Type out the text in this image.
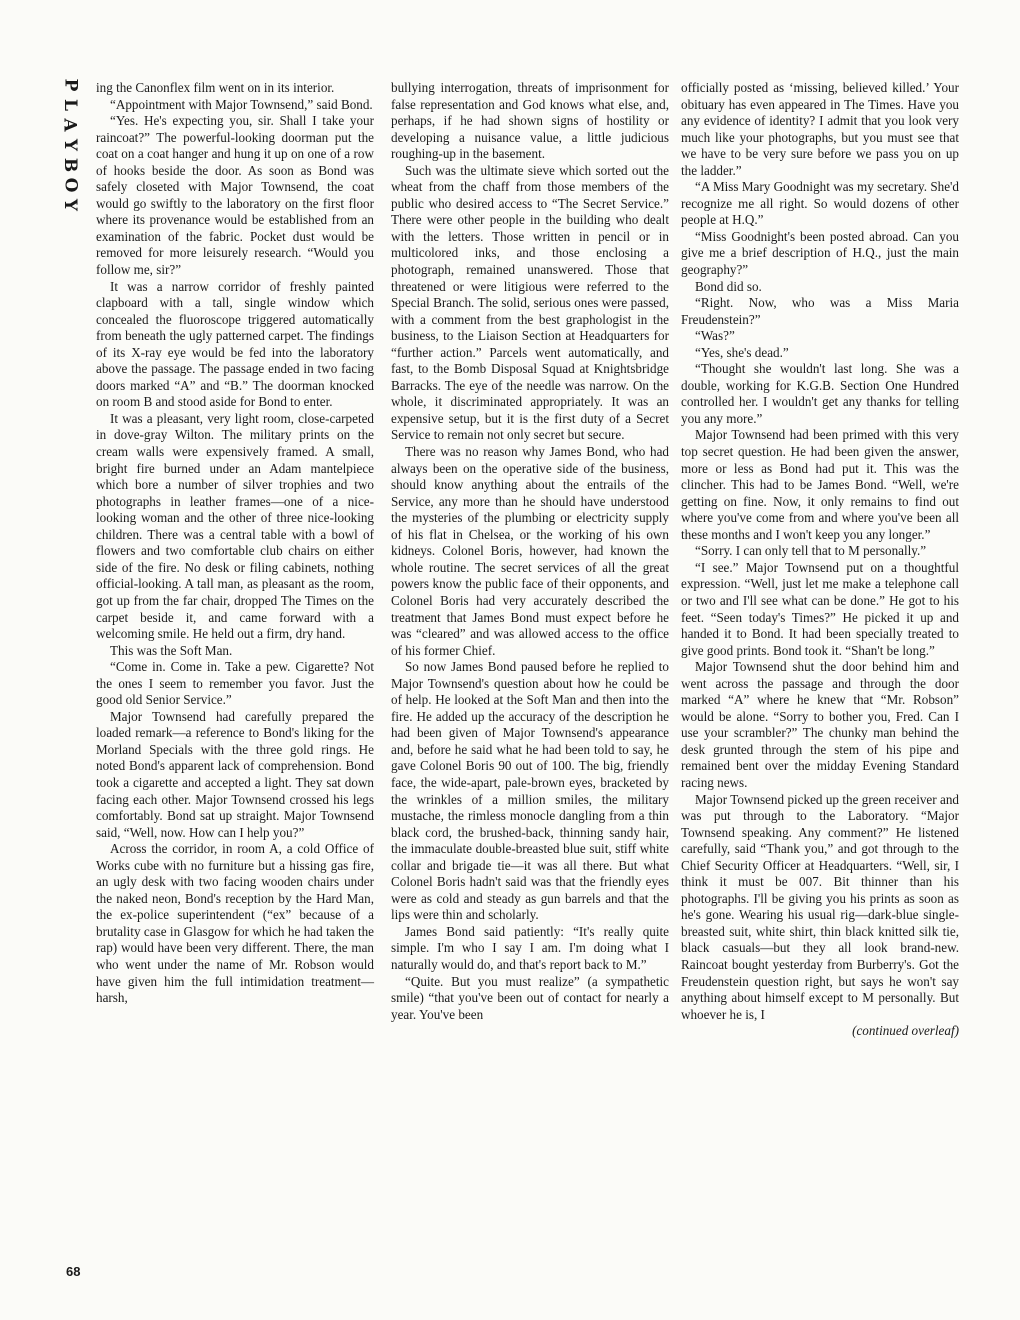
P
L
A
Y
B
O
Y
68

ing the Canonflex film went on in its interior.

“Appointment with Major Townsend,” said Bond.

“Yes. He's expecting you, sir. Shall I take your raincoat?” The powerful-looking doorman put the coat on a coat hanger and hung it up on one of a row of hooks beside the door. As soon as Bond was safely closeted with Major Townsend, the coat would go swiftly to the laboratory on the first floor where its provenance would be established from an examination of the fabric. Pocket dust would be removed for more leisurely research. “Would you follow me, sir?”

It was a narrow corridor of freshly painted clapboard with a tall, single window which concealed the fluoroscope triggered automatically from beneath the ugly patterned carpet. The findings of its X-ray eye would be fed into the laboratory above the passage. The passage ended in two facing doors marked “A” and “B.” The doorman knocked on room B and stood aside for Bond to enter.

It was a pleasant, very light room, close-carpeted in dove-gray Wilton. The military prints on the cream walls were expensively framed. A small, bright fire burned under an Adam mantelpiece which bore a number of silver trophies and two photographs in leather frames—one of a nice-looking woman and the other of three nice-looking children. There was a central table with a bowl of flowers and two comfortable club chairs on either side of the fire. No desk or filing cabinets, nothing official-looking. A tall man, as pleasant as the room, got up from the far chair, dropped The Times on the carpet beside it, and came forward with a welcoming smile. He held out a firm, dry hand.

This was the Soft Man.

“Come in. Come in. Take a pew. Cigarette? Not the ones I seem to remember you favor. Just the good old Senior Service.”

Major Townsend had carefully prepared the loaded remark—a reference to Bond's liking for the Morland Specials with the three gold rings. He noted Bond's apparent lack of comprehension. Bond took a cigarette and accepted a light. They sat down facing each other. Major Townsend crossed his legs comfortably. Bond sat up straight. Major Townsend said, “Well, now. How can I help you?”

Across the corridor, in room A, a cold Office of Works cube with no furniture but a hissing gas fire, an ugly desk with two facing wooden chairs under the naked neon, Bond's reception by the Hard Man, the ex-police superintendent (“ex” because of a brutality case in Glasgow for which he had taken the rap) would have been very different. There, the man who went under the name of Mr. Robson would have given him the full intimidation treatment—harsh,

bullying interrogation, threats of imprisonment for false representation and God knows what else, and, perhaps, if he had shown signs of hostility or developing a nuisance value, a little judicious roughing-up in the basement.

Such was the ultimate sieve which sorted out the wheat from the chaff from those members of the public who desired access to “The Secret Service.” There were other people in the building who dealt with the letters. Those written in pencil or in multicolored inks, and those enclosing a photograph, remained unanswered. Those that threatened or were litigious were referred to the Special Branch. The solid, serious ones were passed, with a comment from the best graphologist in the business, to the Liaison Section at Headquarters for “further action.” Parcels went automatically, and fast, to the Bomb Disposal Squad at Knightsbridge Barracks. The eye of the needle was narrow. On the whole, it discriminated appropriately. It was an expensive setup, but it is the first duty of a Secret Service to remain not only secret but secure.

There was no reason why James Bond, who had always been on the operative side of the business, should know anything about the entrails of the Service, any more than he should have understood the mysteries of the plumbing or electricity supply of his flat in Chelsea, or the working of his own kidneys. Colonel Boris, however, had known the whole routine. The secret services of all the great powers know the public face of their opponents, and Colonel Boris had very accurately described the treatment that James Bond must expect before he was “cleared” and was allowed access to the office of his former Chief.

So now James Bond paused before he replied to Major Townsend's question about how he could be of help. He looked at the Soft Man and then into the fire. He added up the accuracy of the description he had been given of Major Townsend's appearance and, before he said what he had been told to say, he gave Colonel Boris 90 out of 100. The big, friendly face, the wide-apart, pale-brown eyes, bracketed by the wrinkles of a million smiles, the military mustache, the rimless monocle dangling from a thin black cord, the brushed-back, thinning sandy hair, the immaculate double-breasted blue suit, stiff white collar and brigade tie—it was all there. But what Colonel Boris hadn't said was that the friendly eyes were as cold and steady as gun barrels and that the lips were thin and scholarly.

James Bond said patiently: “It's really quite simple. I'm who I say I am. I'm doing what I naturally would do, and that's report back to M.”

“Quite. But you must realize” (a sympathetic smile) “that you've been out of contact for nearly a year. You've been

officially posted as ‘missing, believed killed.’ Your obituary has even appeared in The Times. Have you any evidence of identity? I admit that you look very much like your photographs, but you must see that we have to be very sure before we pass you on up the ladder.”

“A Miss Mary Goodnight was my secretary. She'd recognize me all right. So would dozens of other people at H.Q.”

“Miss Goodnight's been posted abroad. Can you give me a brief description of H.Q., just the main geography?”

Bond did so.

“Right. Now, who was a Miss Maria Freudenstein?”

“Was?”

“Yes, she's dead.”

“Thought she wouldn't last long. She was a double, working for K.G.B. Section One Hundred controlled her. I wouldn't get any thanks for telling you any more.”

Major Townsend had been primed with this very top secret question. He had been given the answer, more or less as Bond had put it. This was the clincher. This had to be James Bond. “Well, we're getting on fine. Now, it only remains to find out where you've come from and where you've been all these months and I won't keep you any longer.”

“Sorry. I can only tell that to M personally.”

“I see.” Major Townsend put on a thoughtful expression. “Well, just let me make a telephone call or two and I'll see what can be done.” He got to his feet. “Seen today's Times?” He picked it up and handed it to Bond. It had been specially treated to give good prints. Bond took it. “Shan't be long.”

Major Townsend shut the door behind him and went across the passage and through the door marked “A” where he knew that “Mr. Robson” would be alone. “Sorry to bother you, Fred. Can I use your scrambler?” The chunky man behind the desk grunted through the stem of his pipe and remained bent over the midday Evening Standard racing news.

Major Townsend picked up the green receiver and was put through to the Laboratory. “Major Townsend speaking. Any comment?” He listened carefully, said “Thank you,” and got through to the Chief Security Officer at Headquarters. “Well, sir, I think it must be 007. Bit thinner than his photographs. I'll be giving you his prints as soon as he's gone. Wearing his usual rig—dark-blue single-breasted suit, white shirt, thin black knitted silk tie, black casuals—but they all look brand-new. Raincoat bought yesterday from Burberry's. Got the Freudenstein question right, but says he won't say anything about himself except to M personally. But whoever he is, I

(continued overleaf)
